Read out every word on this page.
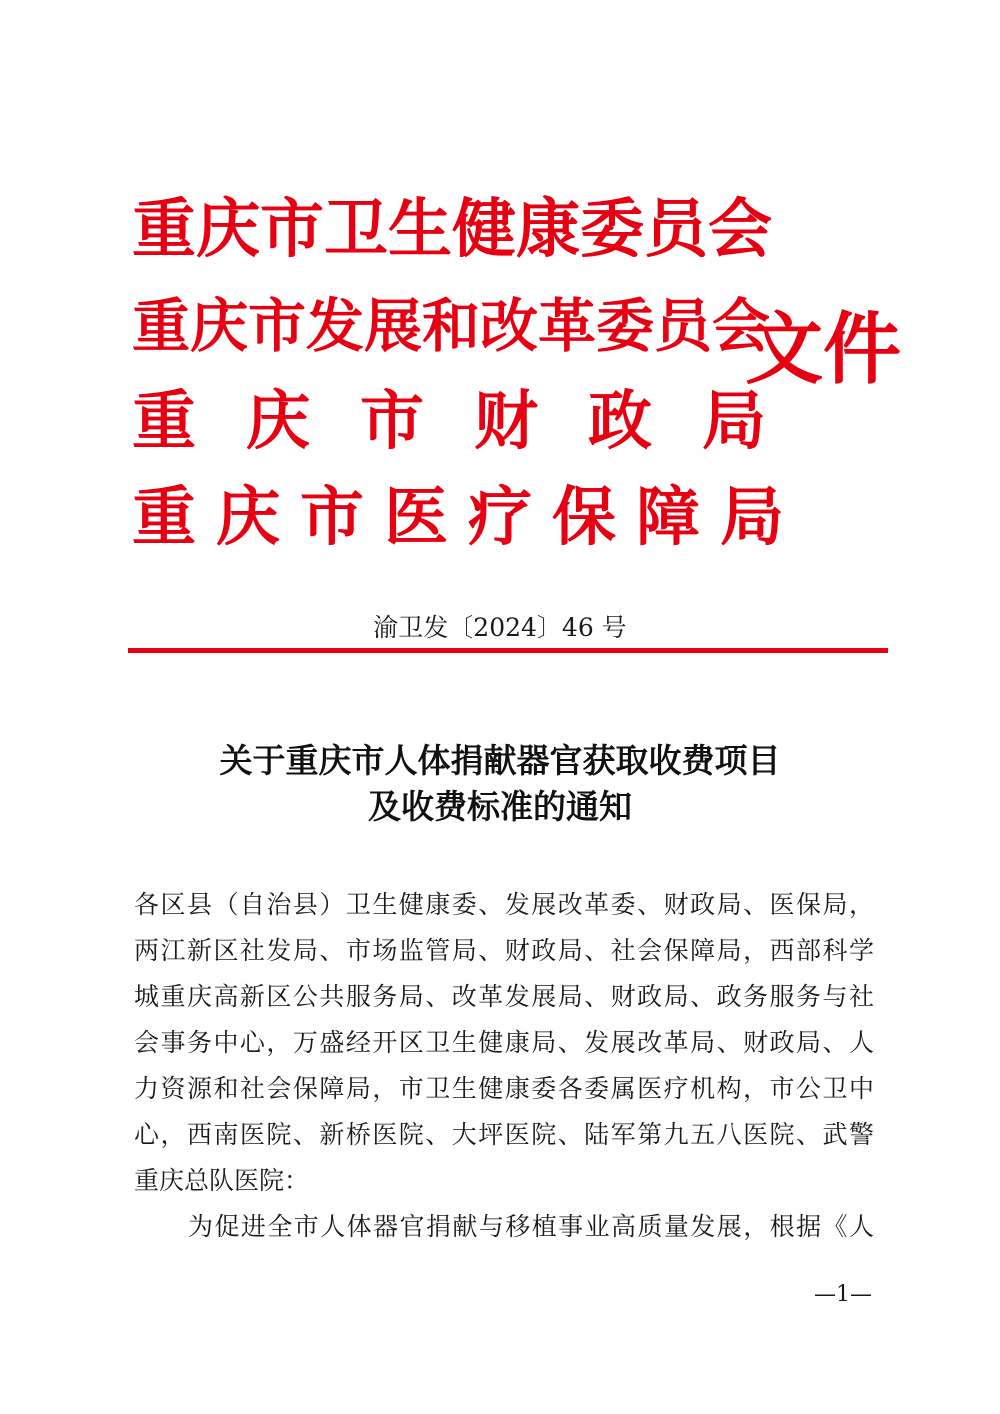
重庆市卫生健康委员会
重庆市发展和改革委员会
重庆市财政局
重庆市医疗保障局
文件
渝卫发〔2024〕46 号
关于重庆市人体捐献器官获取收费项目
及收费标准的通知
各区县（自治县）卫生健康委、发展改革委、财政局、医保局，
两江新区社发局、市场监管局、财政局、社会保障局，西部科学
城重庆高新区公共服务局、改革发展局、财政局、政务服务与社
会事务中心，万盛经开区卫生健康局、发展改革局、财政局、人
力资源和社会保障局，市卫生健康委各委属医疗机构，市公卫中
心，西南医院、新桥医院、大坪医院、陆军第九五八医院、武警
重庆总队医院：
为促进全市人体器官捐献与移植事业高质量发展，根据《人
—1—
